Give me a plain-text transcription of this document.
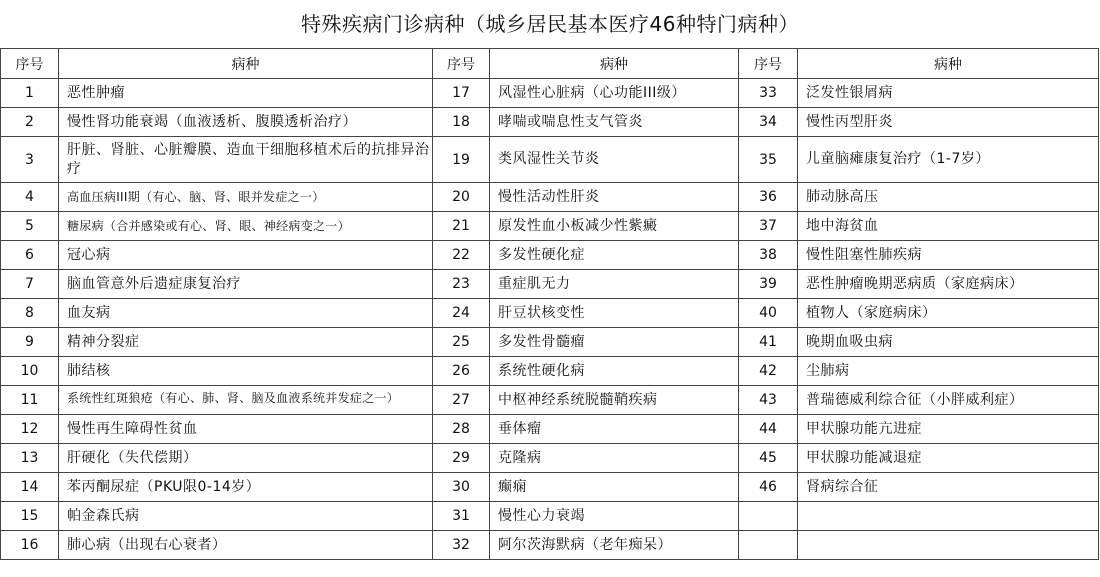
特殊疾病门诊病种（城乡居民基本医疗46种特门病种）
序号	病种	序号	病种	序号	病种
1	恶性肿瘤	17	风湿性心脏病（心功能III级）	33	泛发性银屑病
2	慢性肾功能衰竭（血液透析、腹膜透析治疗）	18	哮喘或喘息性支气管炎	34	慢性丙型肝炎
3	肝脏、肾脏、心脏瓣膜、造血干细胞移植术后的抗排异治疗	19	类风湿性关节炎	35	儿童脑瘫康复治疗（1-7岁）
4	高血压病III期（有心、脑、肾、眼并发症之一）	20	慢性活动性肝炎	36	肺动脉高压
5	糖尿病（合并感染或有心、肾、眼、神经病变之一）	21	原发性血小板减少性紫癜	37	地中海贫血
6	冠心病	22	多发性硬化症	38	慢性阻塞性肺疾病
7	脑血管意外后遗症康复治疗	23	重症肌无力	39	恶性肿瘤晚期恶病质（家庭病床）
8	血友病	24	肝豆状核变性	40	植物人（家庭病床）
9	精神分裂症	25	多发性骨髓瘤	41	晚期血吸虫病
10	肺结核	26	系统性硬化病	42	尘肺病
11	系统性红斑狼疮（有心、肺、肾、脑及血液系统并发症之一）	27	中枢神经系统脱髓鞘疾病	43	普瑞德威利综合征（小胖威利症）
12	慢性再生障碍性贫血	28	垂体瘤	44	甲状腺功能亢进症
13	肝硬化（失代偿期）	29	克隆病	45	甲状腺功能减退症
14	苯丙酮尿症（PKU限0-14岁）	30	癫痫	46	肾病综合征
15	帕金森氏病	31	慢性心力衰竭		
16	肺心病（出现右心衰者）	32	阿尔茨海默病（老年痴呆）		
